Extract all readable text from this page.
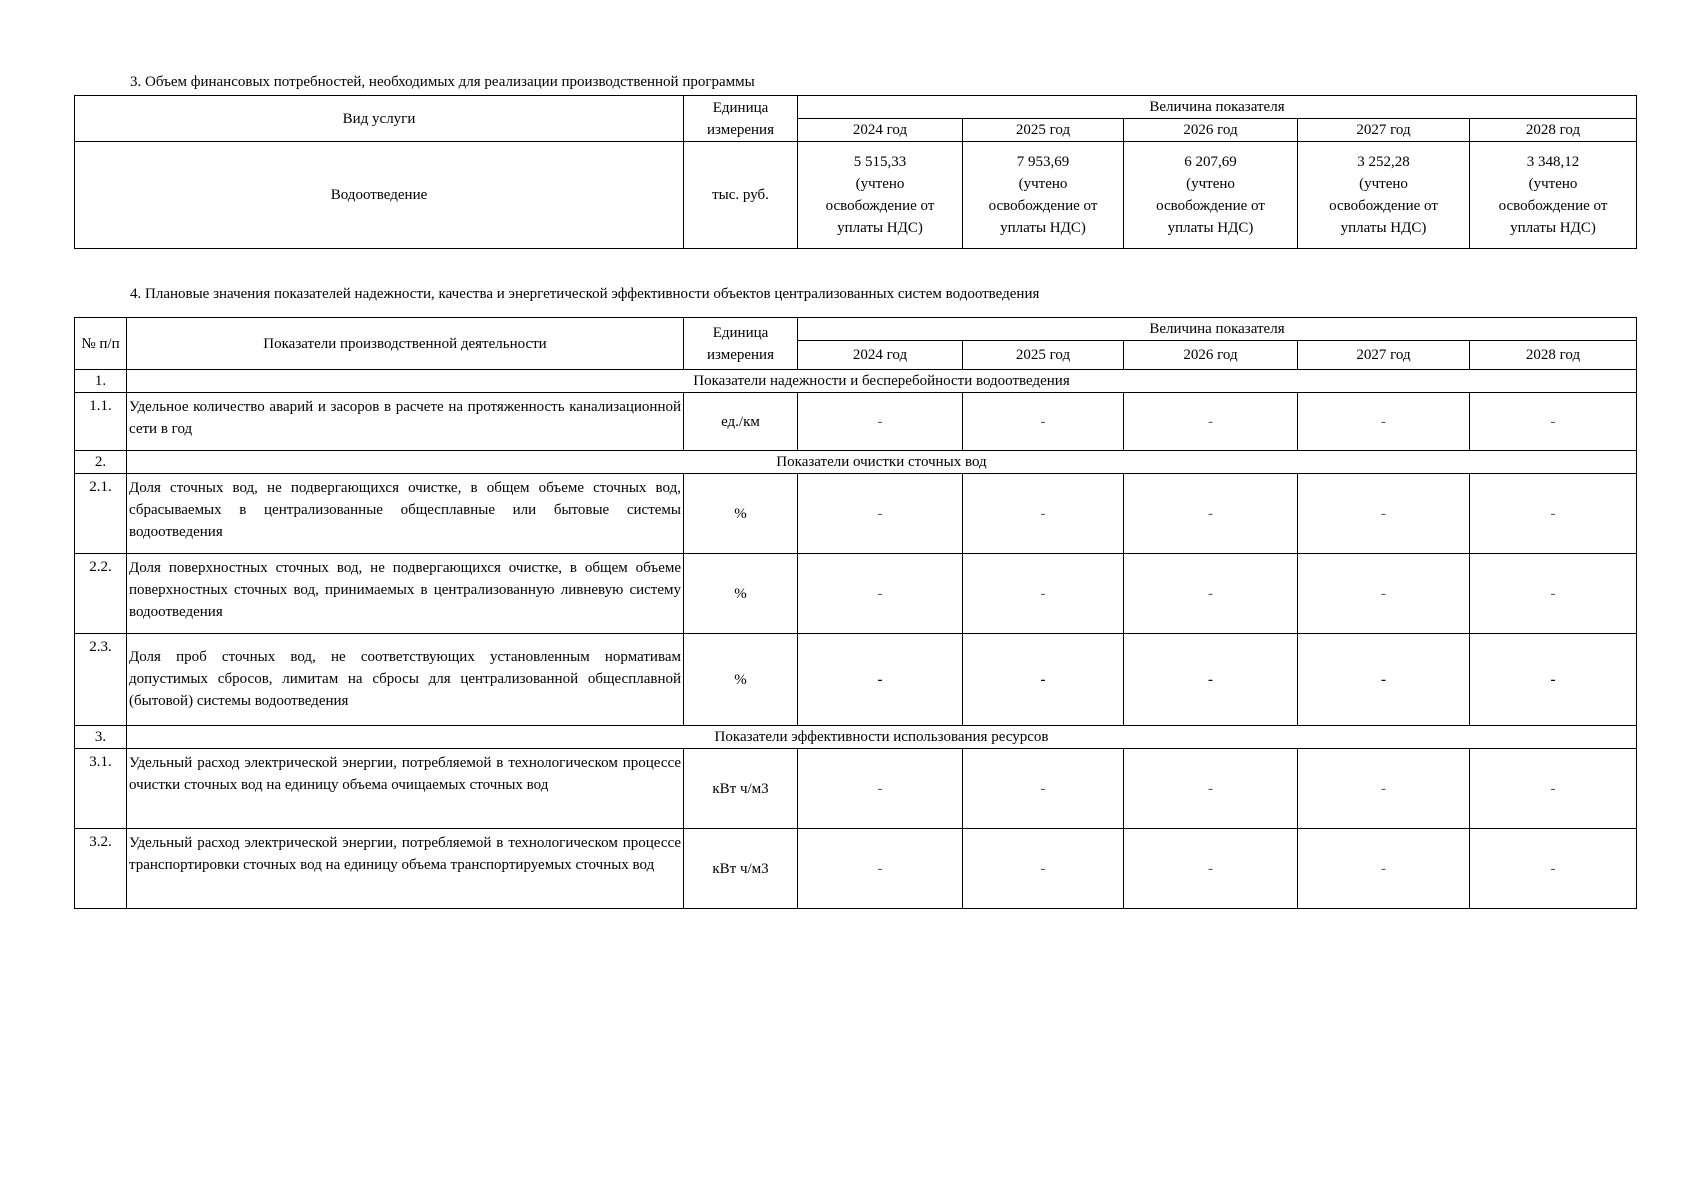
3. Объем финансовых потребностей, необходимых для реализации производственной программы
Вид услуги	Единица измерения	Величина показателя				
		2024 год	2025 год	2026 год	2027 год	2028 год
Водоотведение	тыс. руб.	5 515,33
(учтено
освобождение от
уплаты НДС)	7 953,69
(учтено
освобождение от
уплаты НДС)	6 207,69
(учтено
освобождение от
уплаты НДС)	3 252,28
(учтено
освобождение от
уплаты НДС)	3 348,12
(учтено
освобождение от
уплаты НДС)
4. Плановые значения показателей надежности, качества и энергетической эффективности объектов централизованных систем водоотведения
№ п/п	Показатели производственной деятельности	Единица измерения	Величина показателя				
			2024 год	2025 год	2026 год	2027 год	2028 год
1.	Показатели надежности и бесперебойности водоотведения						
1.1.	Удельное количество аварий и засоров в расчете на протяженность канализационной сети в год	ед./км	-	-	-	-	-
2.	Показатели очистки сточных вод						
2.1.	Доля сточных вод, не подвергающихся очистке, в общем объеме сточных вод, сбрасываемых в централизованные общесплавные или бытовые системы водоотведения	%	-	-	-	-	-
2.2.	Доля поверхностных сточных вод, не подвергающихся очистке, в общем объеме поверхностных сточных вод, принимаемых в централизованную ливневую систему водоотведения	%	-	-	-	-	-
2.3.	Доля проб сточных вод, не соответствующих установленным нормативам допустимых сбросов, лимитам на сбросы для централизованной общесплавной (бытовой) системы водоотведения	%	-	-	-	-	-
3.	Показатели эффективности использования ресурсов						
3.1.	Удельный расход электрической энергии, потребляемой в технологическом процессе очистки сточных вод на единицу объема очищаемых сточных вод	кВт ч/м3	-	-	-	-	-
3.2.	Удельный расход электрической энергии, потребляемой в технологическом процессе транспортировки сточных вод на единицу объема транспортируемых сточных вод	кВт ч/м3	-	-	-	-	-
